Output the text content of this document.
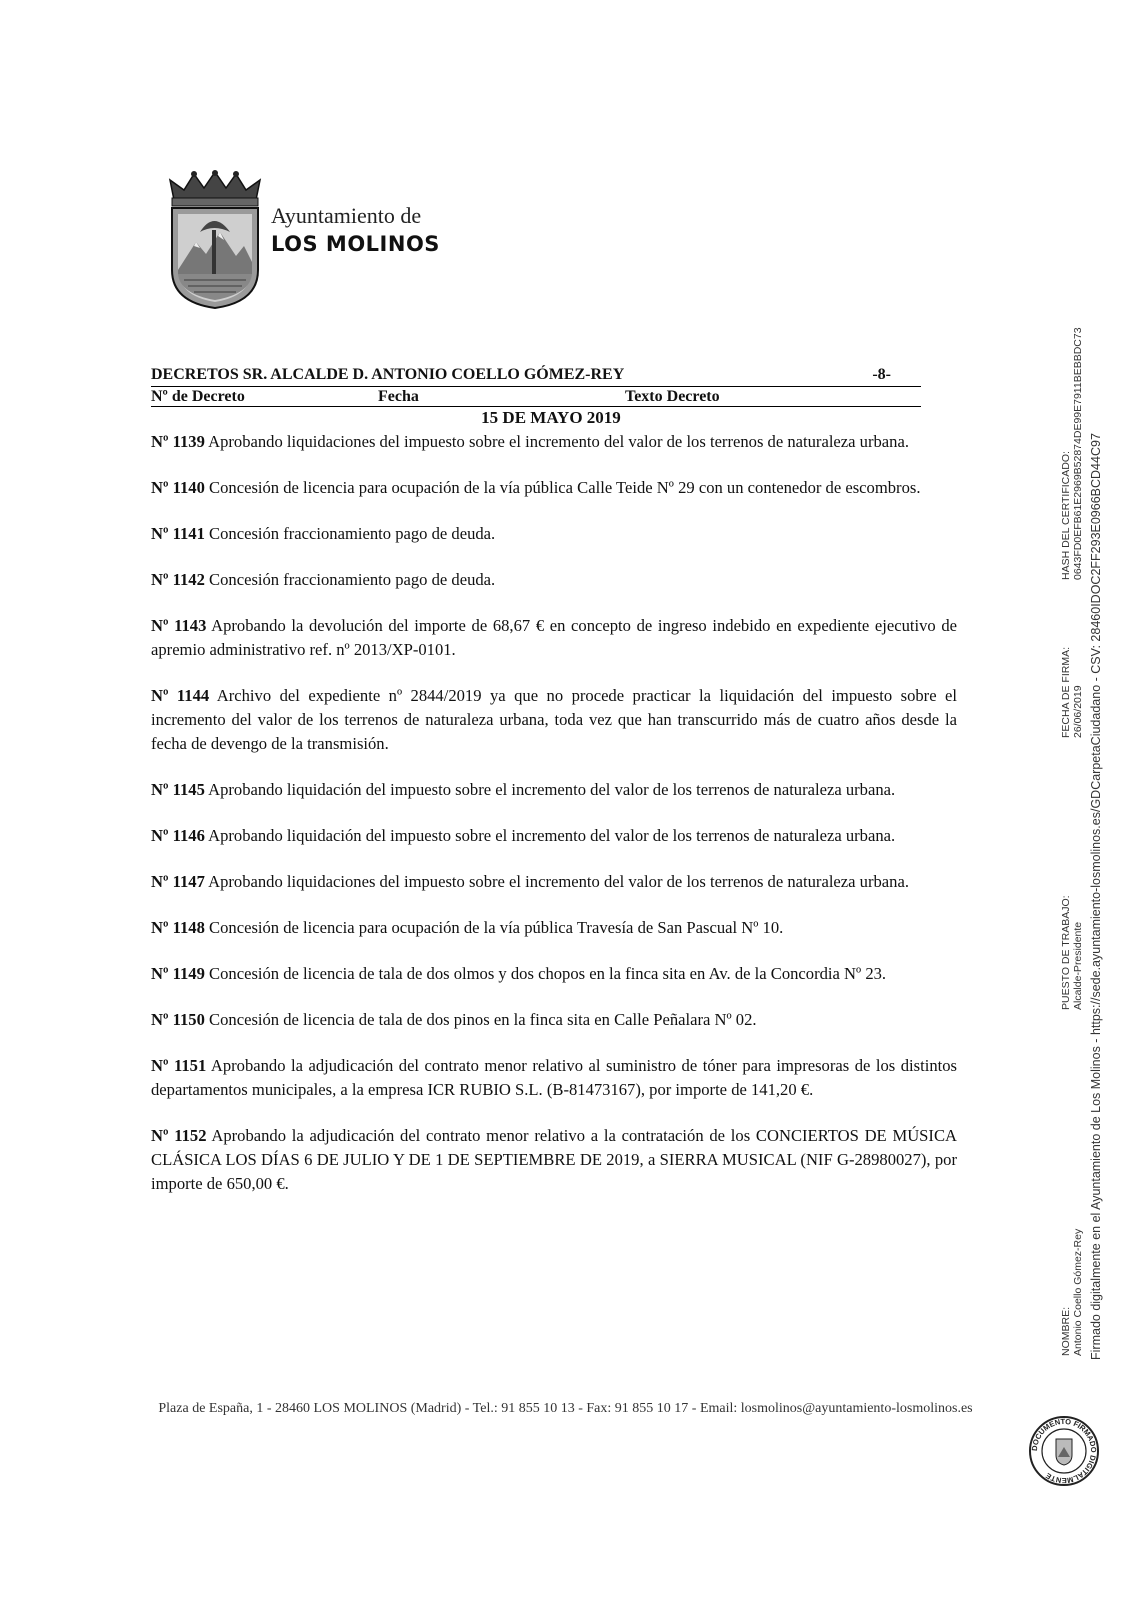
Ayuntamiento de
LOS MOLINOS
DECRETOS SR. ALCALDE D. ANTONIO COELLO GÓMEZ-REY	-8-
Nº de Decreto	Fecha	Texto Decreto
15 DE MAYO 2019

Nº 1139 Aprobando liquidaciones del impuesto sobre el incremento del valor de los terrenos de naturaleza urbana.

Nº 1140 Concesión de licencia para ocupación de la vía pública Calle Teide Nº 29 con un contenedor de escombros.

Nº 1141 Concesión fraccionamiento pago de deuda.

Nº 1142 Concesión fraccionamiento pago de deuda.

Nº 1143 Aprobando la devolución del importe de 68,67 € en concepto de ingreso indebido en expediente ejecutivo de apremio administrativo ref. nº 2013/XP-0101.

Nº 1144 Archivo del expediente nº 2844/2019 ya que no procede practicar la liquidación del impuesto sobre el incremento del valor de los terrenos de naturaleza urbana, toda vez que han transcurrido más de cuatro años desde la fecha de devengo de la transmisión.

Nº 1145 Aprobando liquidación del impuesto sobre el incremento del valor de los terrenos de naturaleza urbana.

Nº 1146 Aprobando liquidación del impuesto sobre el incremento del valor de los terrenos de naturaleza urbana.

Nº 1147 Aprobando liquidaciones del impuesto sobre el incremento del valor de los terrenos de naturaleza urbana.

Nº 1148 Concesión de licencia para ocupación de la vía pública Travesía de San Pascual Nº 10.

Nº 1149 Concesión de licencia de tala de dos olmos y dos chopos en la finca sita en Av. de la Concordia Nº 23.

Nº 1150 Concesión de licencia de tala de dos pinos en la finca sita en Calle Peñalara Nº 02.

Nº 1151 Aprobando la adjudicación del contrato menor relativo al suministro de tóner para impresoras de los distintos departamentos municipales, a la empresa ICR RUBIO S.L. (B-81473167), por importe de 141,20 €.

Nº 1152 Aprobando la adjudicación del contrato menor relativo a la contratación de los CONCIERTOS DE MÚSICA CLÁSICA LOS DÍAS 6 DE JULIO Y DE 1 DE SEPTIEMBRE DE 2019, a SIERRA MUSICAL (NIF G-28980027), por importe de 650,00 €.

Plaza de España, 1 - 28460 LOS MOLINOS (Madrid) - Tel.: 91 855 10 13 - Fax: 91 855 10 17 - Email: losmolinos@ayuntamiento-losmolinos.es
NOMBRE: Antonio Coello Gómez-Rey
PUESTO DE TRABAJO: Alcalde-Presidente
FECHA DE FIRMA: 26/06/2019
HASH DEL CERTIFICADO: 0643FD0EFB61E2969B52874DE99E7911BEBBDC73 Firmado digitalmente en el Ayuntamiento de Los Molinos - https://sede.ayuntamiento-losmolinos.es/GDCarpetaCiudadano - CSV: 28460IDOC2FF293E0966BCD44C97
DOCUMENTO FIRMADO DIGITALMENTE
